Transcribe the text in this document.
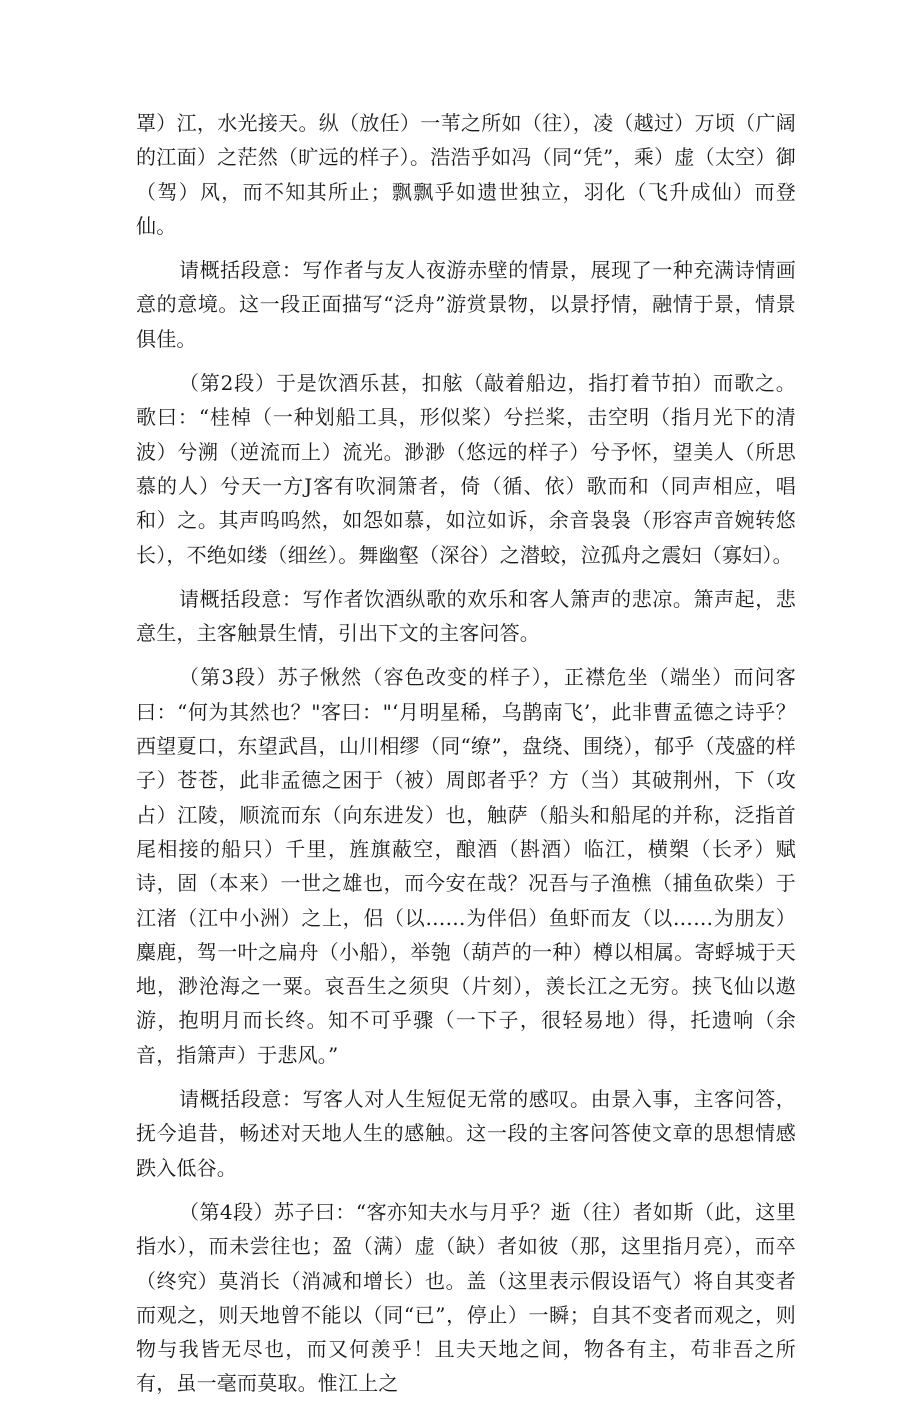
罩）江，水光接天。纵（放任）一苇之所如（往），凌（越过）万顷（广阔的江面）之茫然（旷远的样子）。浩浩乎如冯（同“凭”，乘）虚（太空）御（驾）风，而不知其所止；飘飘乎如遗世独立，羽化（飞升成仙）而登仙。

请概括段意：写作者与友人夜游赤壁的情景，展现了一种充满诗情画意的意境。这一段正面描写“泛舟”游赏景物，以景抒情，融情于景，情景俱佳。

（第2段）于是饮酒乐甚，扣舷（敲着船边，指打着节拍）而歌之。歌曰：“桂棹（一种划船工具，形似桨）兮拦桨，击空明（指月光下的清波）兮溯（逆流而上）流光。渺渺（悠远的样子）兮予怀，望美人（所思慕的人）兮天一方J客有吹洞箫者，倚（循、依）歌而和（同声相应，唱和）之。其声呜呜然，如怨如慕，如泣如诉，余音袅袅（形容声音婉转悠长），不绝如缕（细丝）。舞幽壑（深谷）之潜蛟，泣孤舟之震妇（寡妇）。

请概括段意：写作者饮酒纵歌的欢乐和客人箫声的悲凉。箫声起，悲意生，主客触景生情，引出下文的主客问答。

（第3段）苏子愀然（容色改变的样子），正襟危坐（端坐）而问客曰：“何为其然也？"客曰："‘月明星稀，乌鹊南飞’，此非曹孟德之诗乎？西望夏口，东望武昌，山川相缪（同“缭”，盘绕、围绕），郁乎（茂盛的样子）苍苍，此非孟德之困于（被）周郎者乎？方（当）其破荆州，下（攻占）江陵，顺流而东（向东进发）也，触萨（船头和船尾的并称，泛指首尾相接的船只）千里，旌旗蔽空，酿酒（斟酒）临江，横槊（长矛）赋诗，固（本来）一世之雄也，而今安在哉？况吾与子渔樵（捕鱼砍柴）于江渚（江中小洲）之上，侣（以……为伴侣）鱼虾而友（以……为朋友）麋鹿，驾一叶之扁舟（小船），举匏（葫芦的一种）樽以相属。寄蜉城于天地，渺沧海之一粟。哀吾生之须臾（片刻），羡长江之无穷。挟飞仙以遨游，抱明月而长终。知不可乎骤（一下子，很轻易地）得，托遗响（余音，指箫声）于悲风。”

请概括段意：写客人对人生短促无常的感叹。由景入事，主客问答，抚今追昔，畅述对天地人生的感触。这一段的主客问答使文章的思想情感跌入低谷。

（第4段）苏子曰：“客亦知夫水与月乎？逝（往）者如斯（此，这里指水），而未尝往也；盈（满）虚（缺）者如彼（那，这里指月亮），而卒（终究）莫消长（消减和增长）也。盖（这里表示假设语气）将自其变者而观之，则天地曾不能以（同“已”，停止）一瞬；自其不变者而观之，则物与我皆无尽也，而又何羡乎！且夫天地之间，物各有主，苟非吾之所有，虽一毫而莫取。惟江上之
